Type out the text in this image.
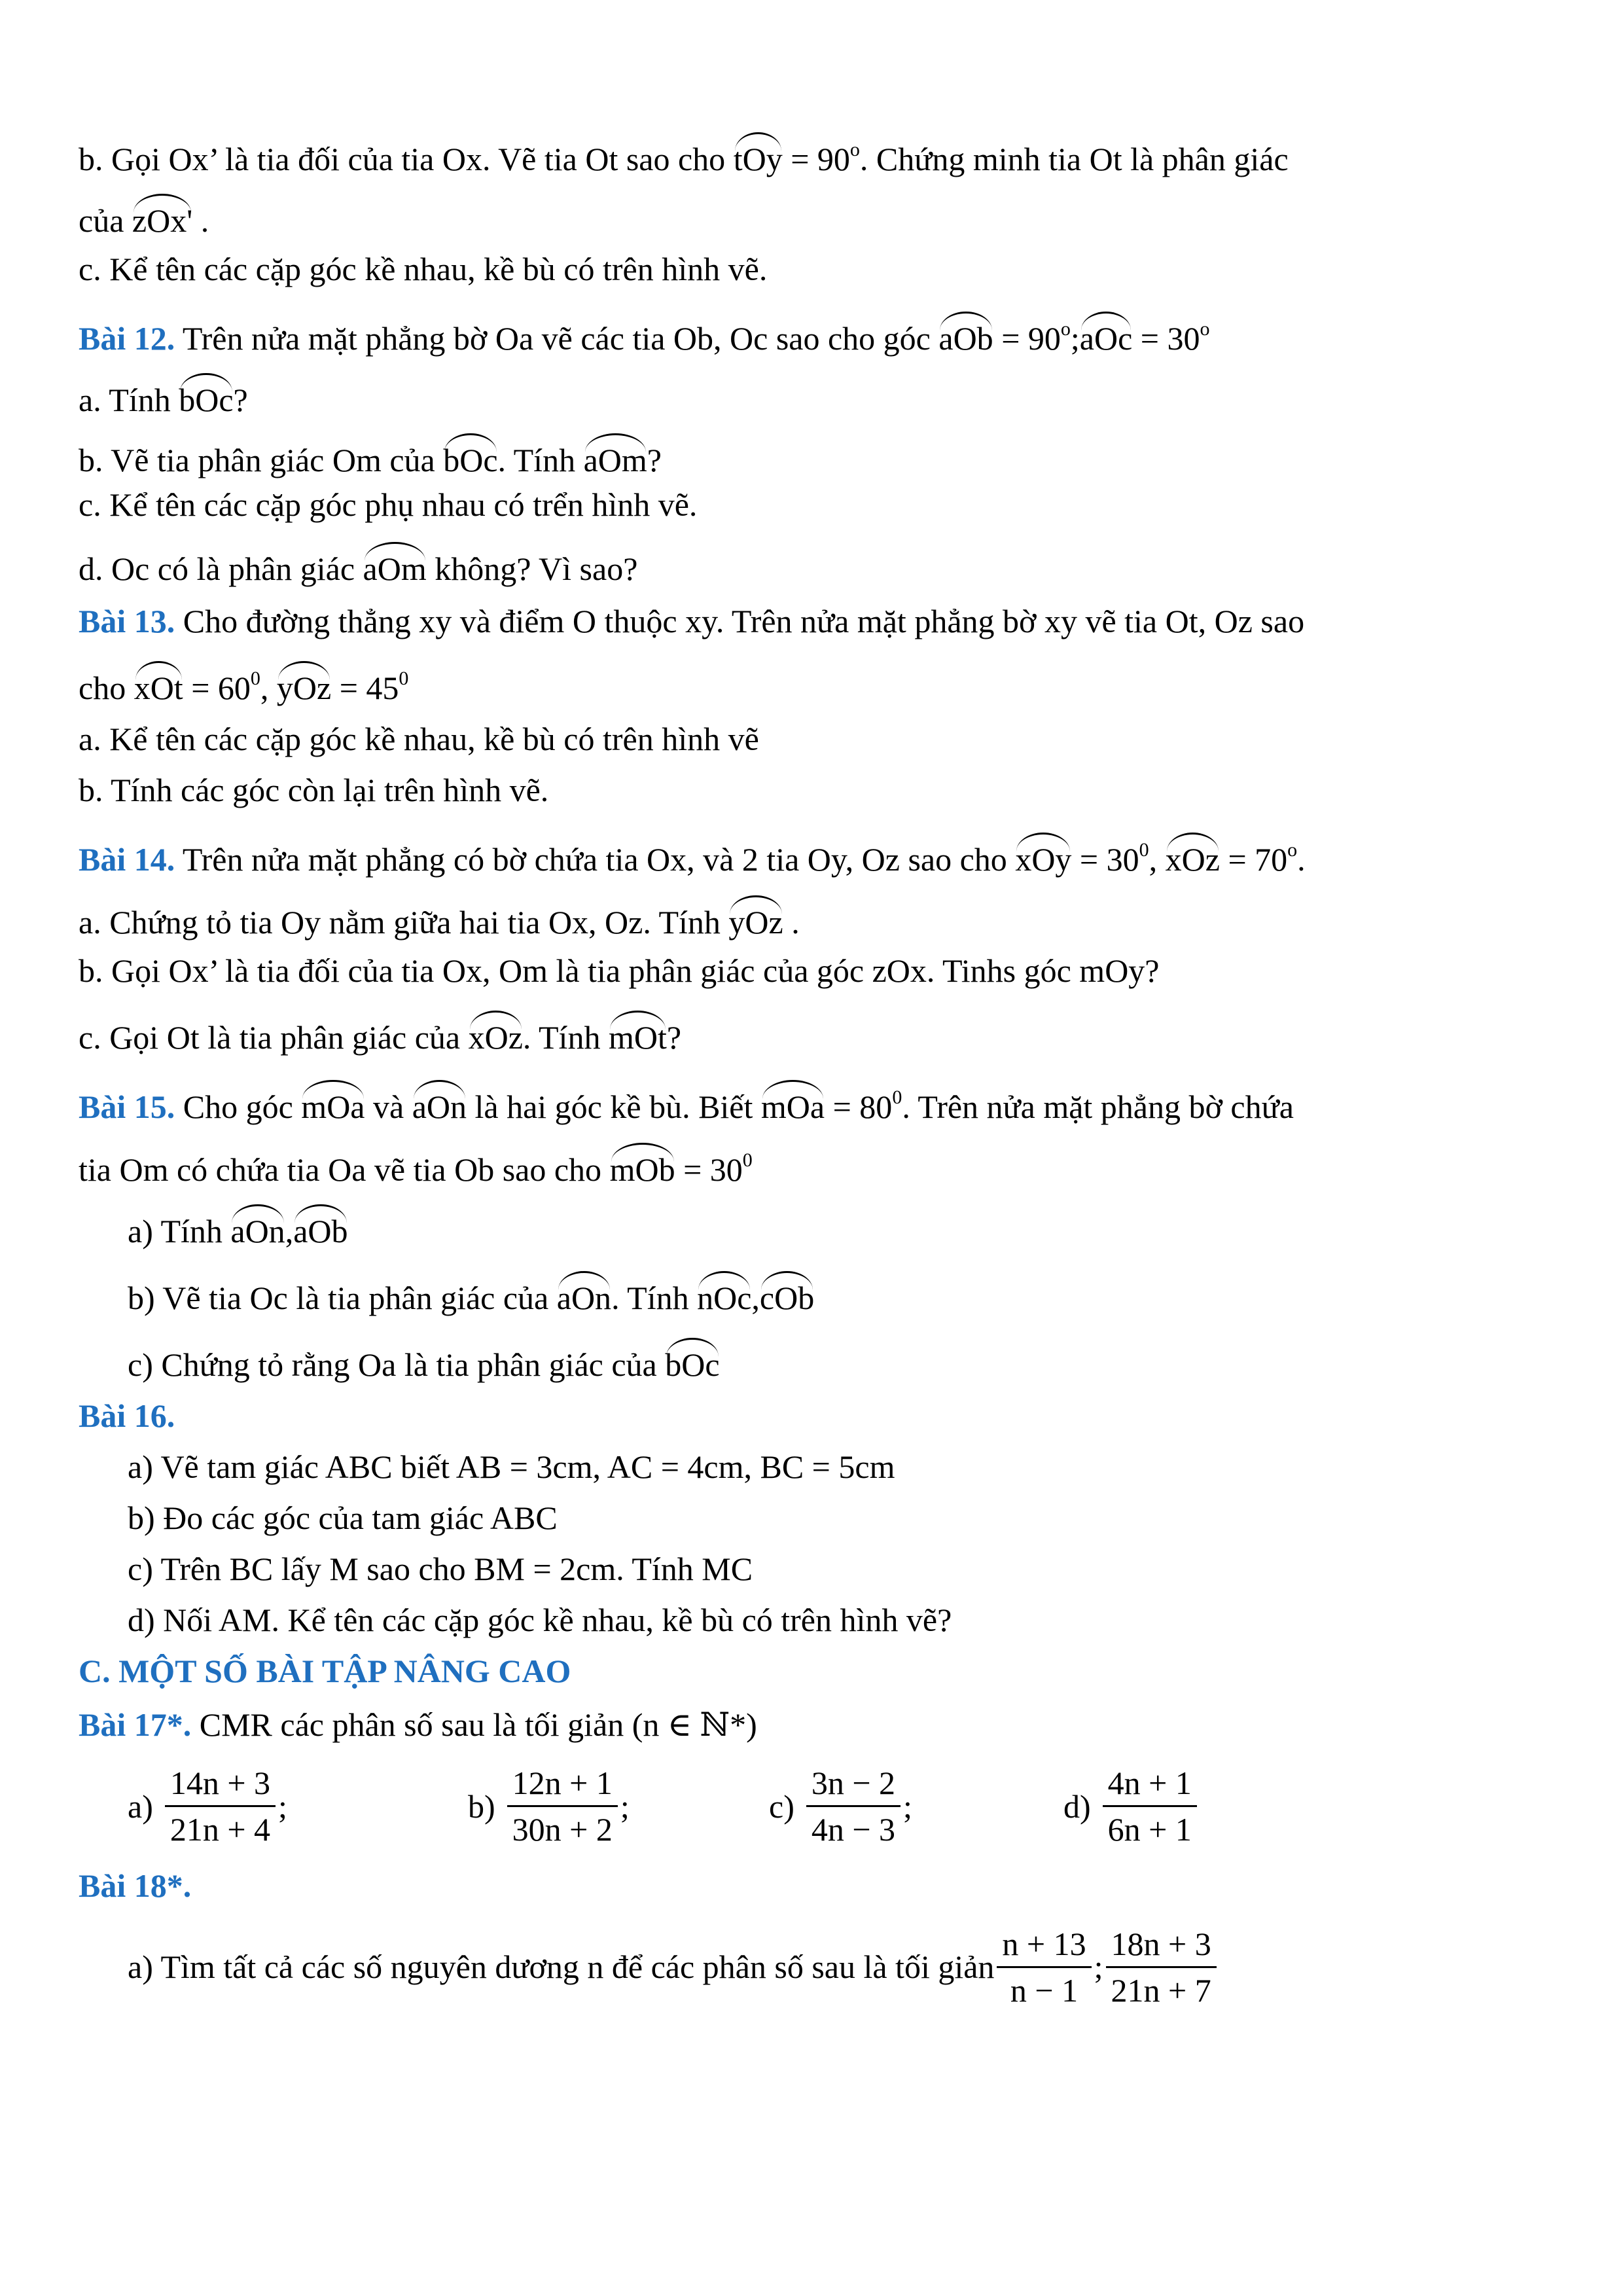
b. Gọi Ox’ là tia đối của tia Ox. Vẽ tia Ot sao cho tOy = $90^o$. Chứng minh tia Ot là phân giác
của zOx' .
c. Kể tên các cặp góc kề nhau, kề bù có trên hình vẽ.
Bài 12. Trên nửa mặt phẳng bờ Oa vẽ các tia Ob, Oc sao cho góc aOb = $90^o;aOc = 30^o$
a. Tính bOc?
b. Vẽ tia phân giác Om của bOc. Tính aOm?
c. Kể tên các cặp góc phụ nhau có trển hình vẽ.
d. Oc có là phân giác aOm không? Vì sao?
Bài 13. Cho đường thẳng xy và điểm O thuộc xy. Trên nửa mặt phẳng bờ xy vẽ tia Ot, Oz sao
cho xOt = $60^0$, yOz = $45^0$
a. Kể tên các cặp góc kề nhau, kề bù có trên hình vẽ
b. Tính các góc còn lại trên hình vẽ.
Bài 14. Trên nửa mặt phẳng có bờ chứa tia Ox, và 2 tia Oy, Oz sao cho xOy = $30^0$, xOz = $70^o$.
a. Chứng tỏ tia Oy nằm giữa hai tia Ox, Oz. Tính yOz .
b. Gọi Ox’ là tia đối của tia Ox, Om là tia phân giác của góc zOx. Tinhs góc mOy?
c. Gọi Ot là tia phân giác của xOz. Tính mOt?
Bài 15. Cho góc mOa và aOn là hai góc kề bù. Biết mOa = $80^0$. Trên nửa mặt phẳng bờ chứa
tia Om có chứa tia Oa vẽ tia Ob sao cho mOb = $30^0$
a) Tính aOn,aOb
b) Vẽ tia Oc là tia phân giác của aOn. Tính nOc,cOb
c) Chứng tỏ rằng Oa là tia phân giác của bOc
Bài 16.
a) Vẽ tam giác ABC biết AB = 3cm, AC = 4cm, BC = 5cm
b) Đo các góc của tam giác ABC
c) Trên BC lấy M sao cho BM = 2cm. Tính MC
d) Nối AM. Kể tên các cặp góc kề nhau, kề bù có trên hình vẽ?
C. MỘT SỐ BÀI TẬP NÂNG CAO
Bài 17*. CMR các phân số sau là tối giản (n ∈ ℕ*)
$a) \frac{14n + 3}{21n + 4}$ ;	$b) \frac{12n + 1}{30n + 2}$ ;	$c) \frac{3n - 2}{4n - 3}$ ;	$d) \frac{4n + 1}{6n + 1}$
Bài 18*.
a) Tìm tất cả các số nguyên dương n để các phân số sau là tối giản $\frac{n + 13}{n - 1}$ ; $\frac{18n + 3}{21n + 7}$
